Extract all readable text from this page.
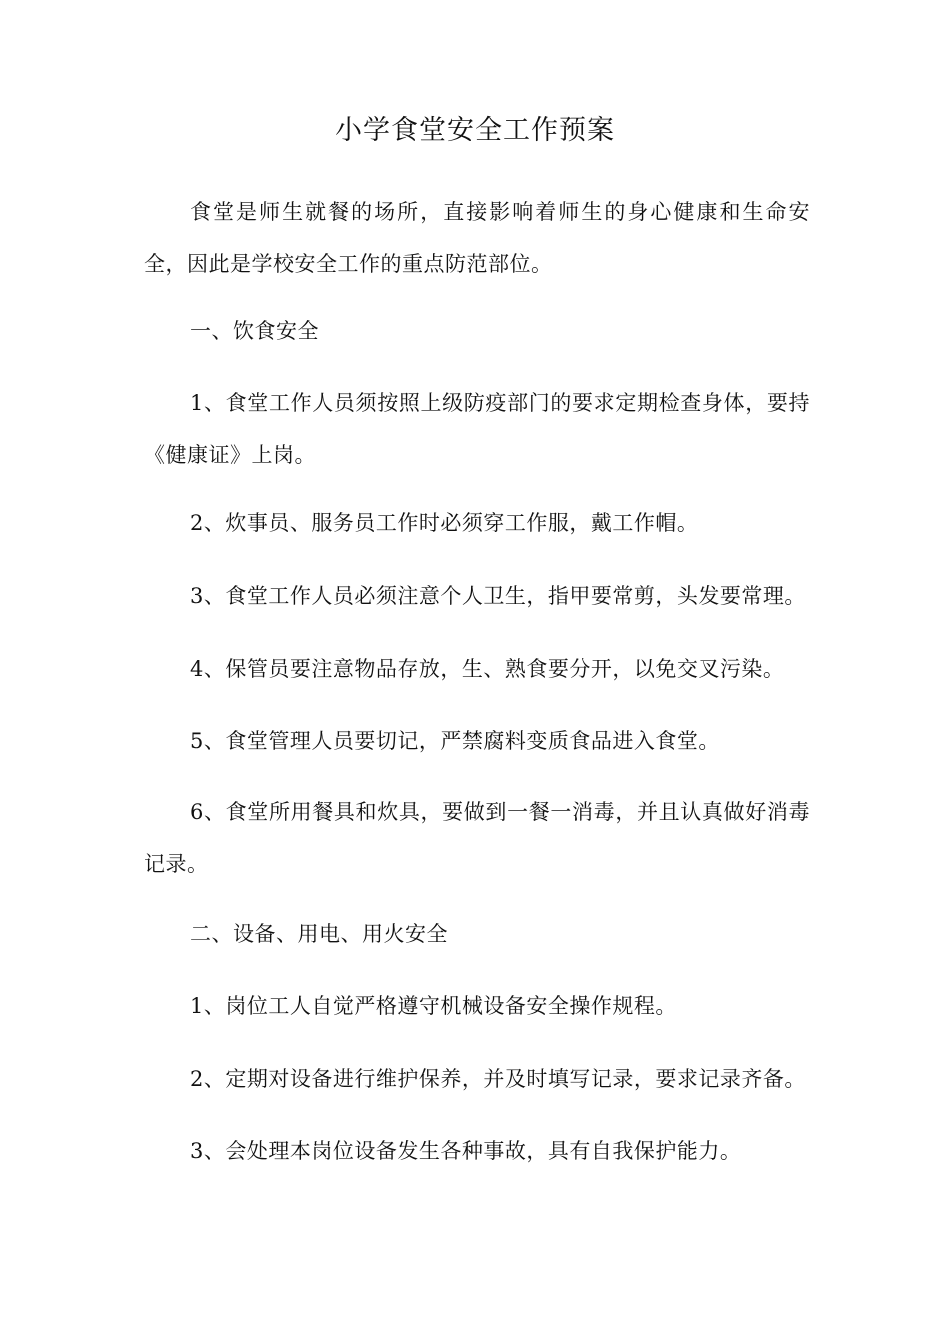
小学食堂安全工作预案

食堂是师生就餐的场所，直接影响着师生的身心健康和生命安全，因此是学校安全工作的重点防范部位。

一、饮食安全

1、食堂工作人员须按照上级防疫部门的要求定期检查身体，要持《健康证》上岗。

2、炊事员、服务员工作时必须穿工作服，戴工作帽。

3、食堂工作人员必须注意个人卫生，指甲要常剪，头发要常理。

4、保管员要注意物品存放，生、熟食要分开，以免交叉污染。

5、食堂管理人员要切记，严禁腐料变质食品进入食堂。

6、食堂所用餐具和炊具，要做到一餐一消毒，并且认真做好消毒记录。

二、设备、用电、用火安全

1、岗位工人自觉严格遵守机械设备安全操作规程。

2、定期对设备进行维护保养，并及时填写记录，要求记录齐备。

3、会处理本岗位设备发生各种事故，具有自我保护能力。
